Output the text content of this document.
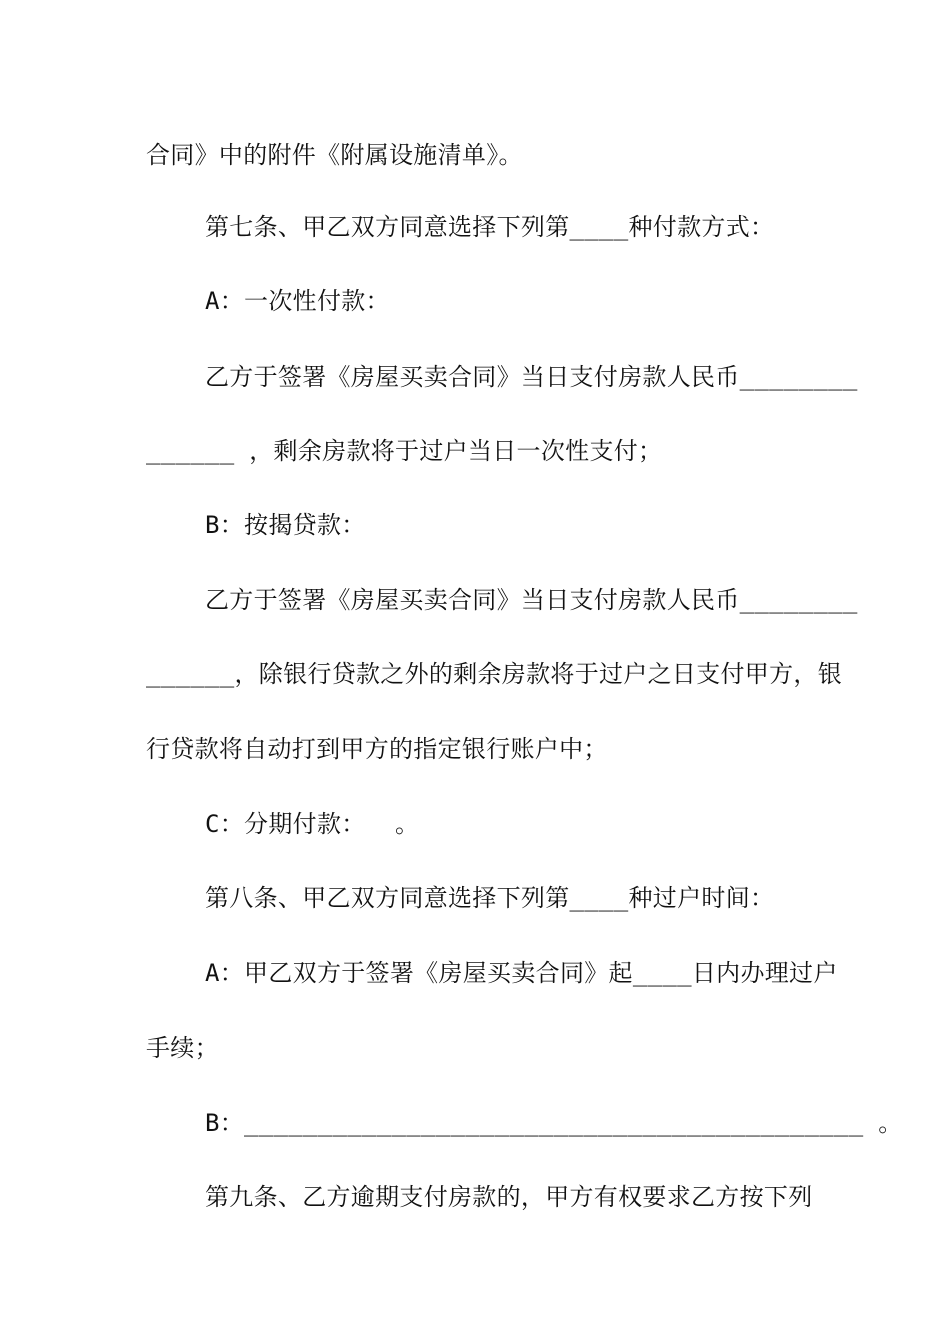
合同》中的附件《附属设施清单》。
第七条、甲乙双方同意选择下列第____种付款方式：
A：一次性付款：
乙方于签署《房屋买卖合同》当日支付房款人民币________
______ ，剩余房款将于过户当日一次性支付；
B：按揭贷款：
乙方于签署《房屋买卖合同》当日支付房款人民币________
______，除银行贷款之外的剩余房款将于过户之日支付甲方，银
行贷款将自动打到甲方的指定银行账户中；
C：分期付款：  。
第八条、甲乙双方同意选择下列第____种过户时间：
A：甲乙双方于签署《房屋买卖合同》起____日内办理过户
手续；
B：__________________________________________ 。
第九条、乙方逾期支付房款的，甲方有权要求乙方按下列
